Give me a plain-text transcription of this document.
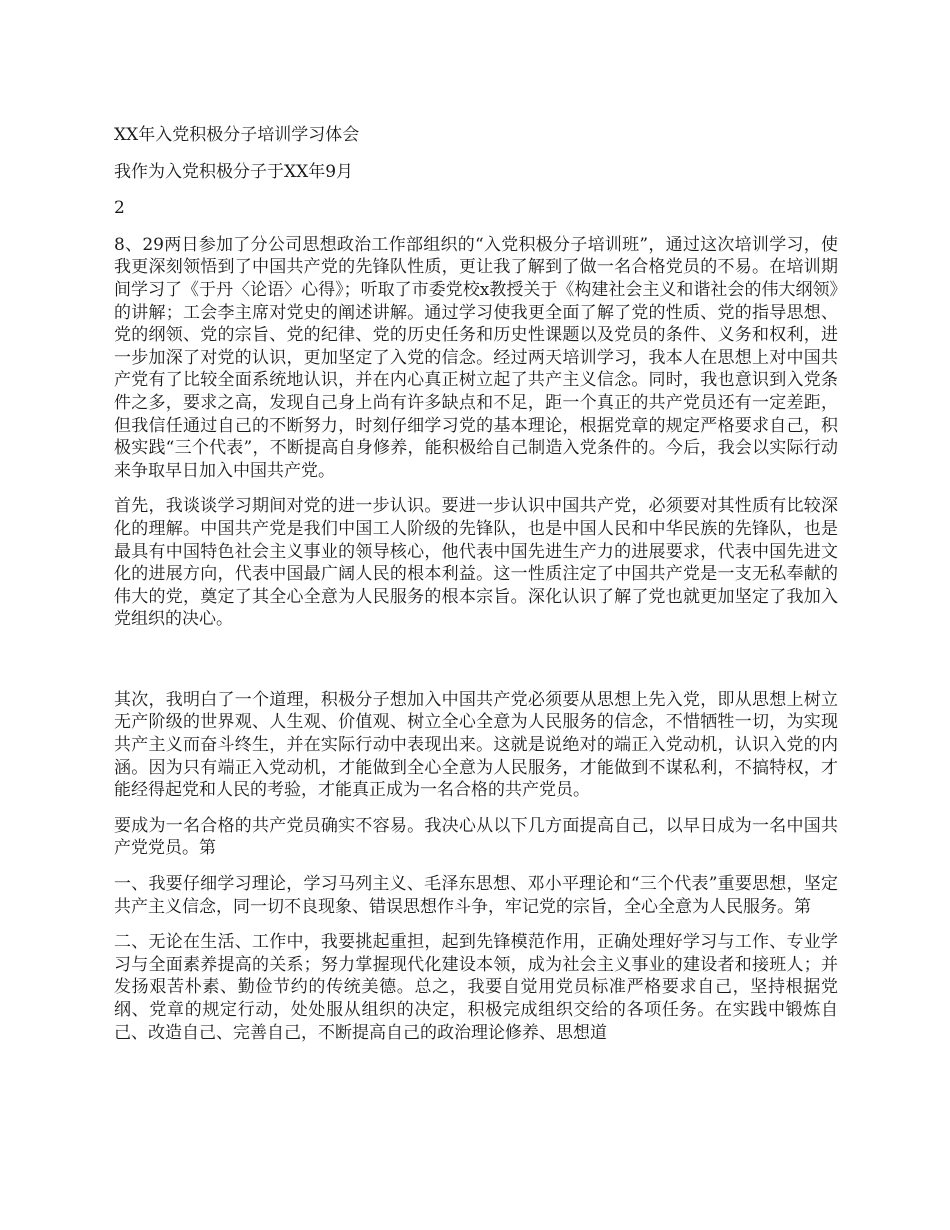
XX年入党积极分子培训学习体会

我作为入党积极分子于XX年9月

2

8、29两日参加了分公司思想政治工作部组织的“入党积极分子培训班”，通过这次培训学习，使我更深刻领悟到了中国共产党的先锋队性质，更让我了解到了做一名合格党员的不易。在培训期间学习了《于丹〈论语〉心得》；听取了市委党校x教授关于《构建社会主义和谐社会的伟大纲领》的讲解；工会李主席对党史的阐述讲解。通过学习使我更全面了解了党的性质、党的指导思想、党的纲领、党的宗旨、党的纪律、党的历史任务和历史性课题以及党员的条件、义务和权利，进一步加深了对党的认识，更加坚定了入党的信念。经过两天培训学习，我本人在思想上对中国共产党有了比较全面系统地认识，并在内心真正树立起了共产主义信念。同时，我也意识到入党条件之多，要求之高，发现自己身上尚有许多缺点和不足，距一个真正的共产党员还有一定差距，但我信任通过自己的不断努力，时刻仔细学习党的基本理论，根据党章的规定严格要求自己，积极实践“三个代表”，不断提高自身修养，能积极给自己制造入党条件的。今后，我会以实际行动来争取早日加入中国共产党。

首先，我谈谈学习期间对党的进一步认识。要进一步认识中国共产党，必须要对其性质有比较深化的理解。中国共产党是我们中国工人阶级的先锋队，也是中国人民和中华民族的先锋队，也是最具有中国特色社会主义事业的领导核心，他代表中国先进生产力的进展要求，代表中国先进文化的进展方向，代表中国最广阔人民的根本利益。这一性质注定了中国共产党是一支无私奉献的伟大的党，奠定了其全心全意为人民服务的根本宗旨。深化认识了解了党也就更加坚定了我加入党组织的决心。

其次，我明白了一个道理，积极分子想加入中国共产党必须要从思想上先入党，即从思想上树立无产阶级的世界观、人生观、价值观、树立全心全意为人民服务的信念，不惜牺牲一切，为实现共产主义而奋斗终生，并在实际行动中表现出来。这就是说绝对的端正入党动机，认识入党的内涵。因为只有端正入党动机，才能做到全心全意为人民服务，才能做到不谋私利，不搞特权，才能经得起党和人民的考验，才能真正成为一名合格的共产党员。

要成为一名合格的共产党员确实不容易。我决心从以下几方面提高自己，以早日成为一名中国共产党党员。第

一、我要仔细学习理论，学习马列主义、毛泽东思想、邓小平理论和“三个代表”重要思想，坚定共产主义信念，同一切不良现象、错误思想作斗争，牢记党的宗旨，全心全意为人民服务。第

二、无论在生活、工作中，我要挑起重担，起到先锋模范作用，正确处理好学习与工作、专业学习与全面素养提高的关系；努力掌握现代化建设本领，成为社会主义事业的建设者和接班人；并发扬艰苦朴素、勤俭节约的传统美德。总之，我要自觉用党员标准严格要求自己，坚持根据党纲、党章的规定行动，处处服从组织的决定，积极完成组织交给的各项任务。在实践中锻炼自己、改造自己、完善自己，不断提高自己的政治理论修养、思想道
